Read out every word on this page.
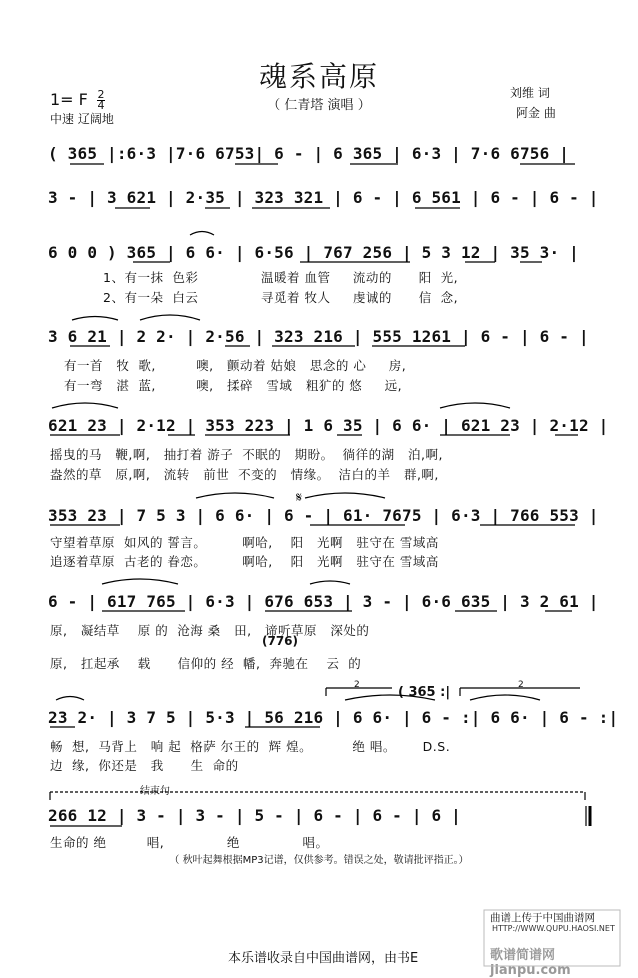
魂系高原
（ 仁青塔 演唱 ）
1= F $\frac{2}{4}$
中速 辽阔地
刘维 词
阿金 曲
( 365 |:6·3 |7·6 6753| 6 - | 6 365 | 6·3 | 7·6 6756 |
3 - | 3 621 | 2·35 | 323 321 | 6 - | 6 561 | 6 - | 6 - |
6 0 0 ) 365 | 6 6· | 6·56 | 767 256 | 5 3 12 | 35 3· |
1、有一抹  色彩              温暖着 血管     流动的      阳  光,
2、有一朵  白云              寻觅着 牧人     虔诚的      信  念,
3 6 21 | 2 2· | 2·56 | 323 216 | 555 1261 | 6 - | 6 - |
有一首   牧  歌,         噢,   颤动着 姑娘   思念的 心     房,
有一弯   湛  蓝,         噢,   揉碎   雪域   粗犷的 悠     远,
621 23 | 2·12 | 353 223 | 1 6 35 | 6 6· | 621 23 | 2·12 |
摇曳的马   鞭,啊,   抽打着 游子  不眠的   期盼。  徜徉的湖   泊,啊,
盎然的草   原,啊,   流转   前世  不变的   情缘。  洁白的羊   群,啊,
𝄋
353 23 | 7 5 3 | 6 6· | 6 - | 61· 7675 | 6·3 | 766 553 |
守望着草原  如风的 誓言。        啊哈,    阳   光啊   驻守在 雪域高
追逐着草原  古老的 眷恋。        啊哈,    阳   光啊   驻守在 雪域高
6 - | 617 765 | 6·3 | 676 653 | 3 - | 6·6 635 | 3 2 61 |
原,   凝结草    原 的  沧海 桑   田,   谛听草原   深处的
(776)
原,   扛起承    载      信仰的 经  幡,  奔驰在    云  的
2	2
( 365 :|
23 2· | 3 7 5 | 5·3 | 56 216 | 6 6· | 6 - :| 6 6· | 6 - :|
畅  想,  马背上   响 起  格萨 尔王的  辉 煌。         绝 唱。      D.S.
边  缘,  你还是   我      生  命的
结束句
266 12 | 3 - | 3 - | 5 - | 6 - | 6 - | 6 |
生命的 绝         唱,              绝              唱。
（ 秋叶起舞根据MP3记谱，仅供参考。错误之处，敬请批评指正。）
曲谱上传于中国曲谱网
HTTP://WWW.QUPU.HAOSI.NET
歌谱简谱网 jianpu.com
本乐谱收录自中国曲谱网，由书Ε
